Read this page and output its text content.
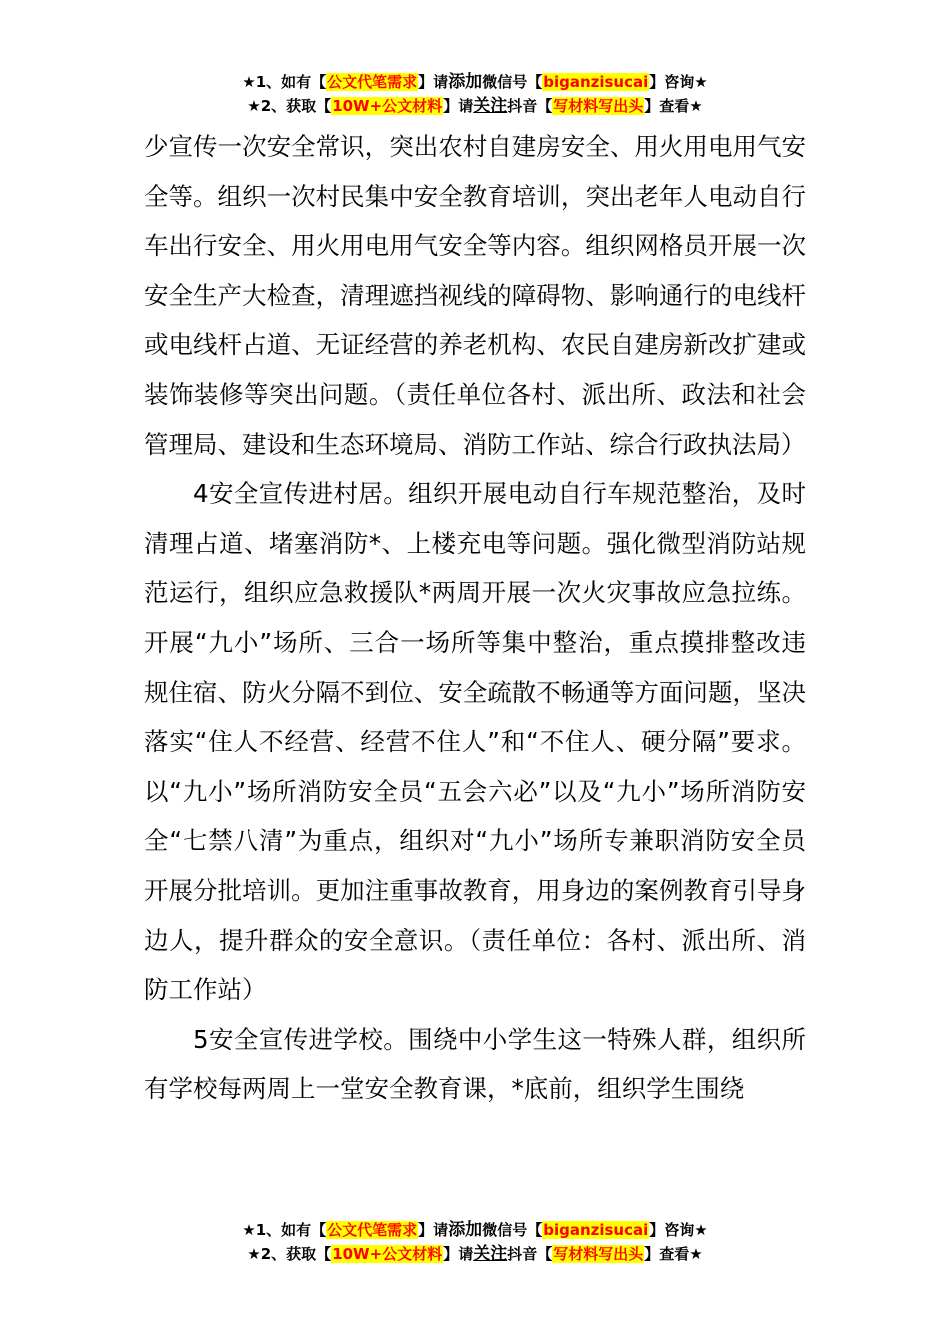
★1、如有【公文代笔需求】请添加微信号【biganzisucai】咨询★
★2、获取【10W+公文材料】请关注抖音【写材料写出头】查看★

少宣传一次安全常识，突出农村自建房安全、用火用电用气安全等。组织一次村民集中安全教育培训，突出老年人电动自行车出行安全、用火用电用气安全等内容。组织网格员开展一次安全生产大检查，清理遮挡视线的障碍物、影响通行的电线杆或电线杆占道、无证经营的养老机构、农民自建房新改扩建或装饰装修等突出问题。（责任单位各村、派出所、政法和社会管理局、建设和生态环境局、消防工作站、综合行政执法局）

4安全宣传进村居。组织开展电动自行车规范整治，及时清理占道、堵塞消防*、上楼充电等问题。强化微型消防站规范运行，组织应急救援队*两周开展一次火灾事故应急拉练。开展“九小”场所、三合一场所等集中整治，重点摸排整改违规住宿、防火分隔不到位、安全疏散不畅通等方面问题，坚决落实“住人不经营、经营不住人”和“不住人、硬分隔”要求。以“九小”场所消防安全员“五会六必”以及“九小”场所消防安全“七禁八清”为重点，组织对“九小”场所专兼职消防安全员开展分批培训。更加注重事故教育，用身边的案例教育引导身边人，提升群众的安全意识。（责任单位：各村、派出所、消防工作站）

5安全宣传进学校。围绕中小学生这一特殊人群，组织所有学校每两周上一堂安全教育课，*底前，组织学生围绕

★1、如有【公文代笔需求】请添加微信号【biganzisucai】咨询★
★2、获取【10W+公文材料】请关注抖音【写材料写出头】查看★
